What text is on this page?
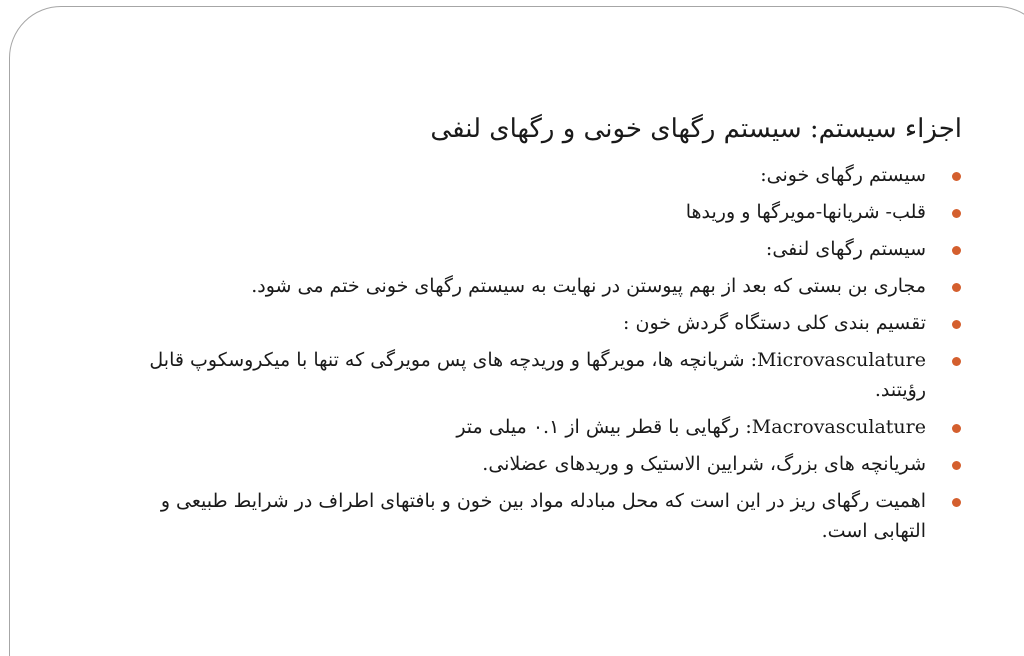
اجزاء سیستم: سیستم رگهای خونی و رگهای لنفی
سیستم رگهای خونی:
قلب- شریانها-مویرگها و وریدها
سیستم رگهای لنفی:
مجاری بن بستی که بعد از بهم پیوستن در نهایت به سیستم رگهای خونی ختم می شود.
تقسیم بندی کلی دستگاه گردش خون :
Microvasculature: شریانچه ها، مویرگها و وریدچه های پس مویرگی که تنها با میکروسکوپ قابل رؤیتند.
Macrovasculature: رگهایی با قطر بیش از ۰.۱ میلی متر
شریانچه های بزرگ، شرایین الاستیک و وریدهای عضلانی.
اهمیت رگهای ریز در این است که محل مبادله مواد بین خون و بافتهای اطراف در شرایط طبیعی و التهابی است.
